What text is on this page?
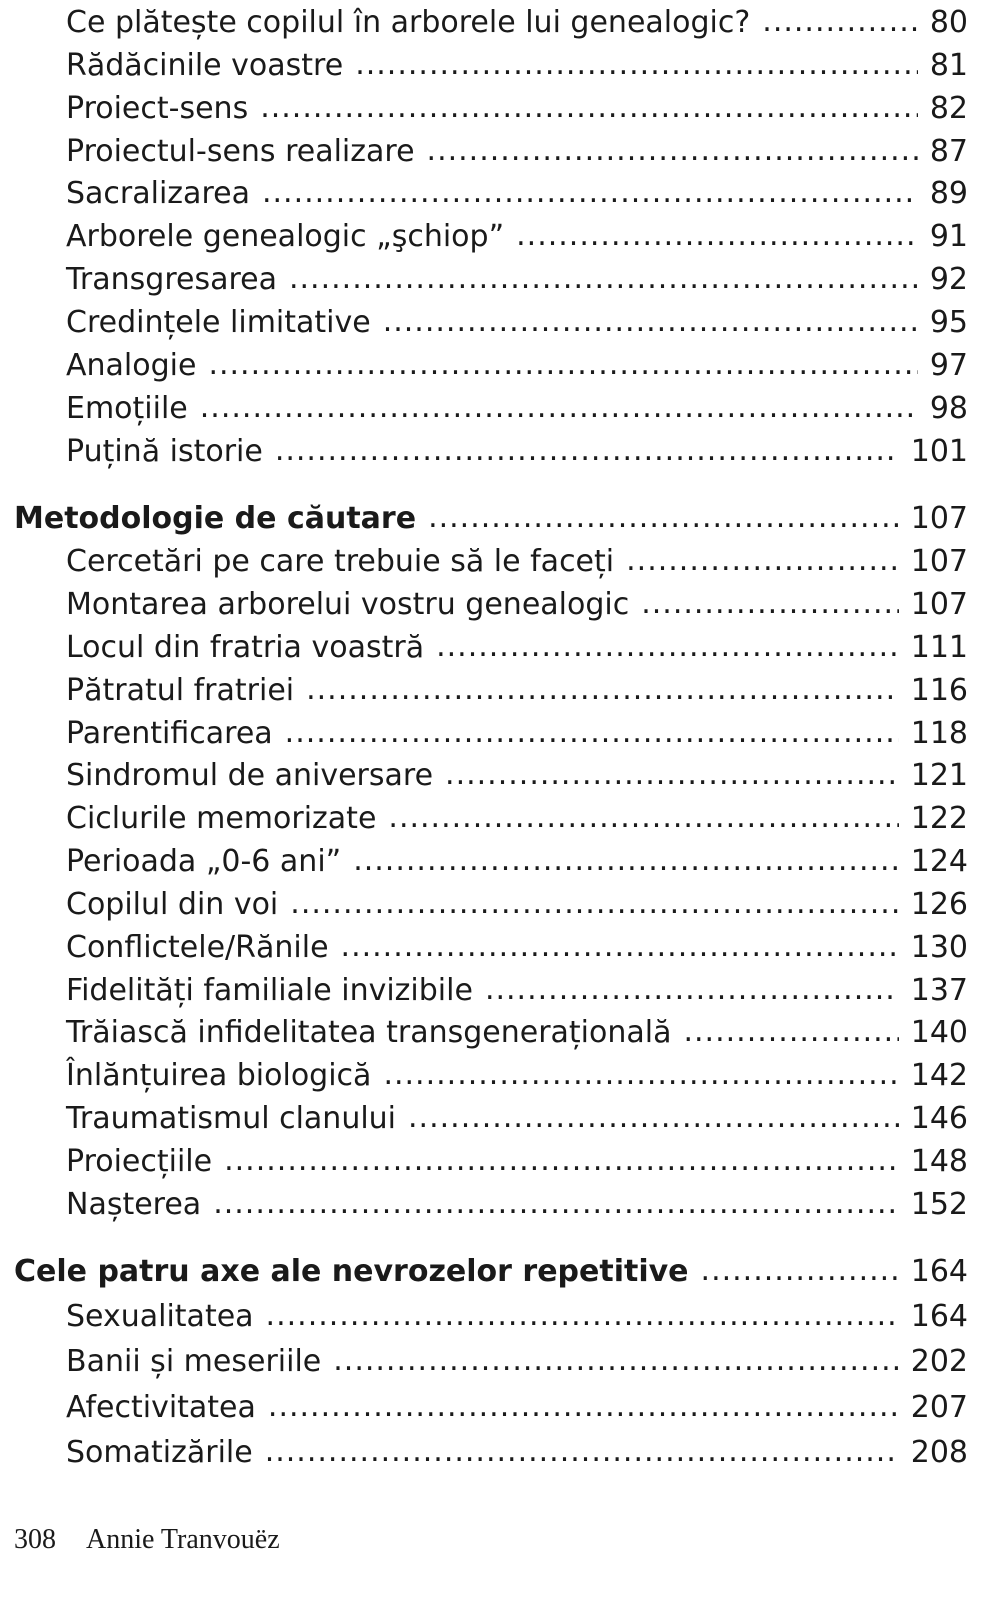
Ce plătește copilul în arborele lui genealogic? .....	80
Rădăcinile voastre .....	81
Proiect-sens .....	82
Proiectul-sens realizare .....	87
Sacralizarea .....	89
Arborele genealogic „şchiop” .....	91
Transgresarea .....	92
Credințele limitative .....	95
Analogie .....	97
Emoțiile .....	98
Puțină istorie .....	101
Metodologie de căutare .....	107
Cercetări pe care trebuie să le faceți .....	107
Montarea arborelui vostru genealogic .....	107
Locul din fratria voastră .....	111
Pătratul fratriei .....	116
Parentificarea .....	118
Sindromul de aniversare .....	121
Ciclurile memorizate .....	122
Perioada „0-6 ani” .....	124
Copilul din voi .....	126
Conflictele/Rănile .....	130
Fidelități familiale invizibile .....	137
Trăiască infidelitatea transgenerațională .....	140
Înlănțuirea biologică .....	142
Traumatismul clanului .....	146
Proiecțiile .....	148
Nașterea .....	152
Cele patru axe ale nevrozelor repetitive .....	164
Sexualitatea .....	164
Banii și meseriile .....	202
Afectivitatea .....	207
Somatizările .....	208
308 Annie Tranvouëz
